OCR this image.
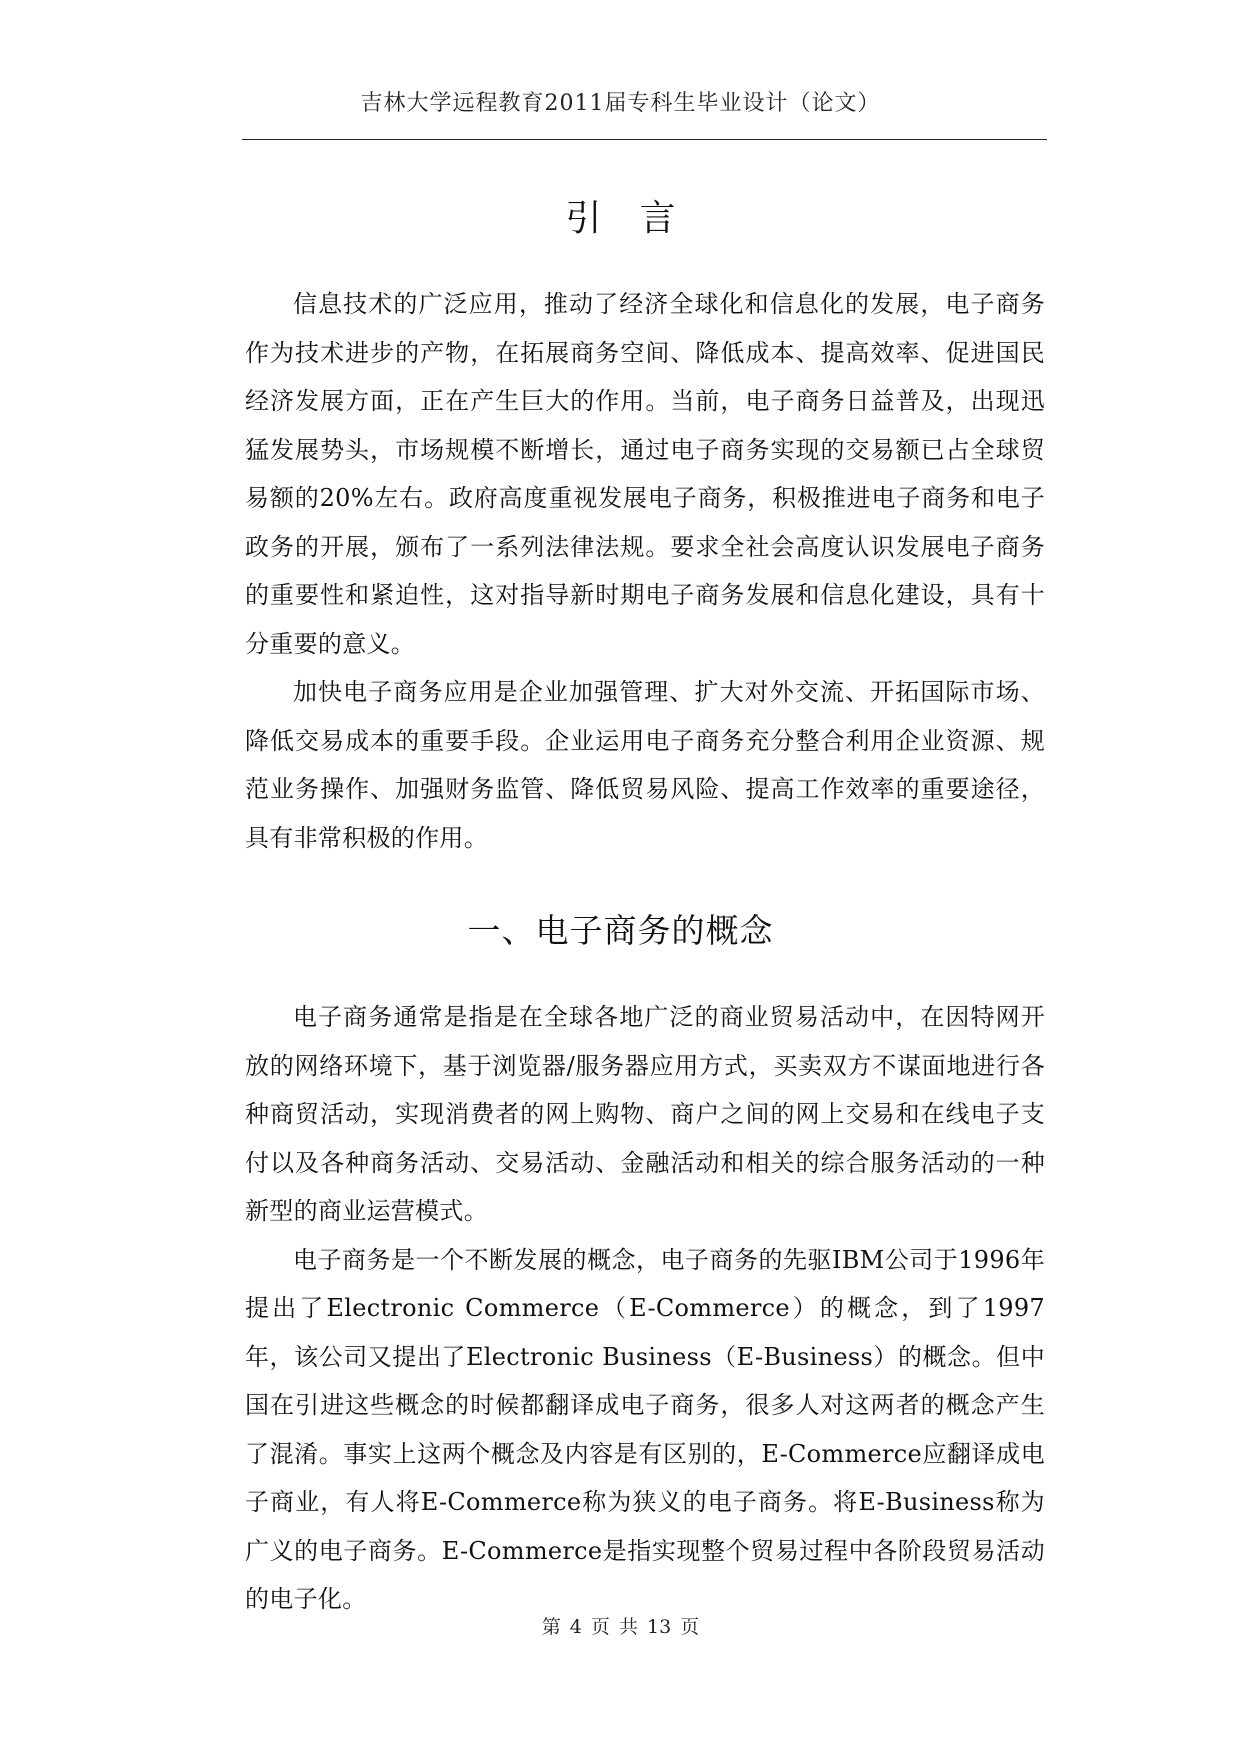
吉林大学远程教育2011届专科生毕业设计（论文）
引言

信息技术的广泛应用，推动了经济全球化和信息化的发展，电子商务作为技术进步的产物，在拓展商务空间、降低成本、提高效率、促进国民经济发展方面，正在产生巨大的作用。当前，电子商务日益普及，出现迅猛发展势头，市场规模不断增长，通过电子商务实现的交易额已占全球贸易额的20%左右。政府高度重视发展电子商务，积极推进电子商务和电子政务的开展，颁布了一系列法律法规。要求全社会高度认识发展电子商务的重要性和紧迫性，这对指导新时期电子商务发展和信息化建设，具有十分重要的意义。

加快电子商务应用是企业加强管理、扩大对外交流、开拓国际市场、降低交易成本的重要手段。企业运用电子商务充分整合利用企业资源、规范业务操作、加强财务监管、降低贸易风险、提高工作效率的重要途径，具有非常积极的作用。

一、电子商务的概念

电子商务通常是指是在全球各地广泛的商业贸易活动中，在因特网开放的网络环境下，基于浏览器/服务器应用方式，买卖双方不谋面地进行各种商贸活动，实现消费者的网上购物、商户之间的网上交易和在线电子支付以及各种商务活动、交易活动、金融活动和相关的综合服务活动的一种新型的商业运营模式。

电子商务是一个不断发展的概念，电子商务的先驱IBM公司于1996年提出了Electronic Commerce（E-Commerce）的概念，到了1997年，该公司又提出了Electronic Business（E-Business）的概念。但中国在引进这些概念的时候都翻译成电子商务，很多人对这两者的概念产生了混淆。事实上这两个概念及内容是有区别的，E-Commerce应翻译成电子商业，有人将E-Commerce称为狭义的电子商务。将E-Business称为广义的电子商务。E-Commerce是指实现整个贸易过程中各阶段贸易活动的电子化。

第 4 页 共 13 页
